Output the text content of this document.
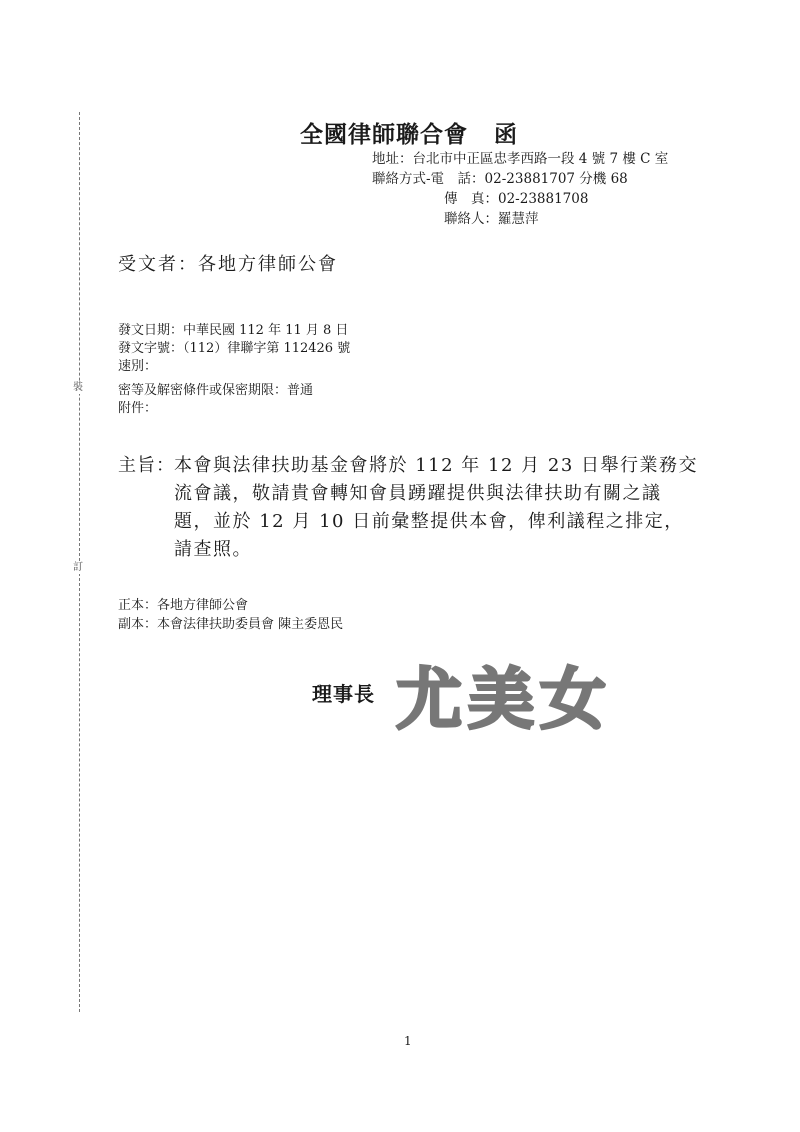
裝
訂
全國律師聯合會 函
地址：台北市中正區忠孝西路一段 4 號 7 樓 C 室
聯絡方式-電　話：02-23881707 分機 68
傳　真：02-23881708
聯絡人：羅慧萍
受文者：各地方律師公會
發文日期：中華民國 112 年 11 月 8 日
發文字號：（112）律聯字第 112426 號
速別：
密等及解密條件或保密期限：普通
附件：
主旨： 本會與法律扶助基金會將於 112 年 12 月 23 日舉行業務交
流會議，敬請貴會轉知會員踴躍提供與法律扶助有關之議
題，並於 12 月 10 日前彙整提供本會，俾利議程之排定，
請查照。
正本：各地方律師公會
副本：本會法律扶助委員會 陳主委恩民
理事長 尤美女
1
